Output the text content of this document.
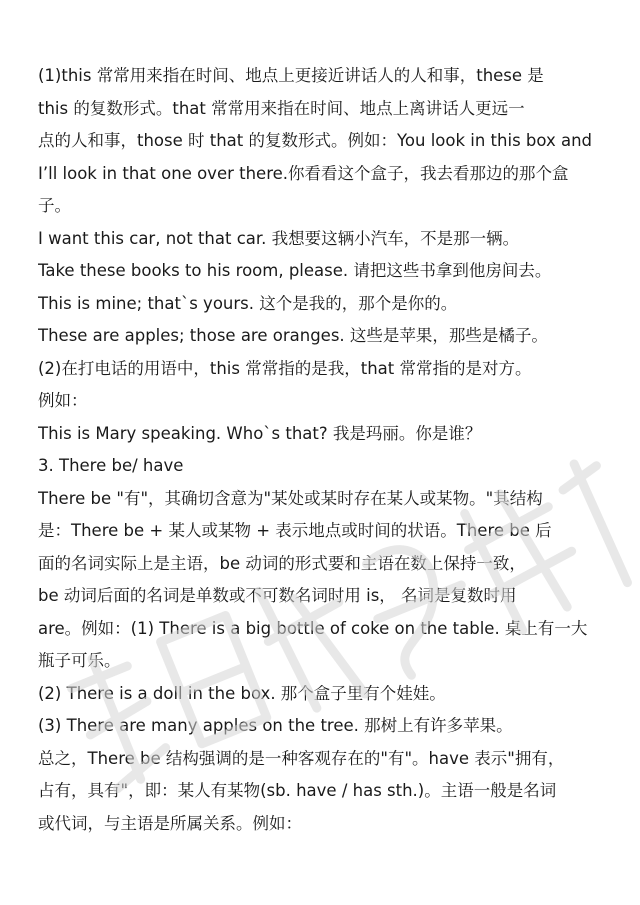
(1)this 常常用来指在时间、地点上更接近讲话人的人和事，these 是
this 的复数形式。that 常常用来指在时间、地点上离讲话人更远一
点的人和事，those 时 that 的复数形式。例如：You look in this box and
I’ll look in that one over there.你看看这个盒子，我去看那边的那个盒
子。
I want this car, not that car. 我想要这辆小汽车，不是那一辆。
Take these books to his room, please. 请把这些书拿到他房间去。
This is mine; that`s yours. 这个是我的，那个是你的。
These are apples; those are oranges. 这些是苹果，那些是橘子。
(2)在打电话的用语中，this 常常指的是我，that 常常指的是对方。
例如：
This is Mary speaking. Who`s that? 我是玛丽。你是谁？
3. There be/ have
There be "有"，其确切含意为"某处或某时存在某人或某物。"其结构
是：There be + 某人或某物 + 表示地点或时间的状语。There be 后
面的名词实际上是主语，be 动词的形式要和主语在数上保持一致，
be 动词后面的名词是单数或不可数名词时用 is， 名词是复数时用
are。例如：(1) There is a big bottle of coke on the table. 桌上有一大
瓶子可乐。
(2) There is a doll in the box. 那个盒子里有个娃娃。
(3) There are many apples on the tree. 那树上有许多苹果。
总之，There be 结构强调的是一种客观存在的"有"。have 表示"拥有，
占有，具有"，即：某人有某物(sb. have / has sth.)。主语一般是名词
或代词，与主语是所属关系。例如：
